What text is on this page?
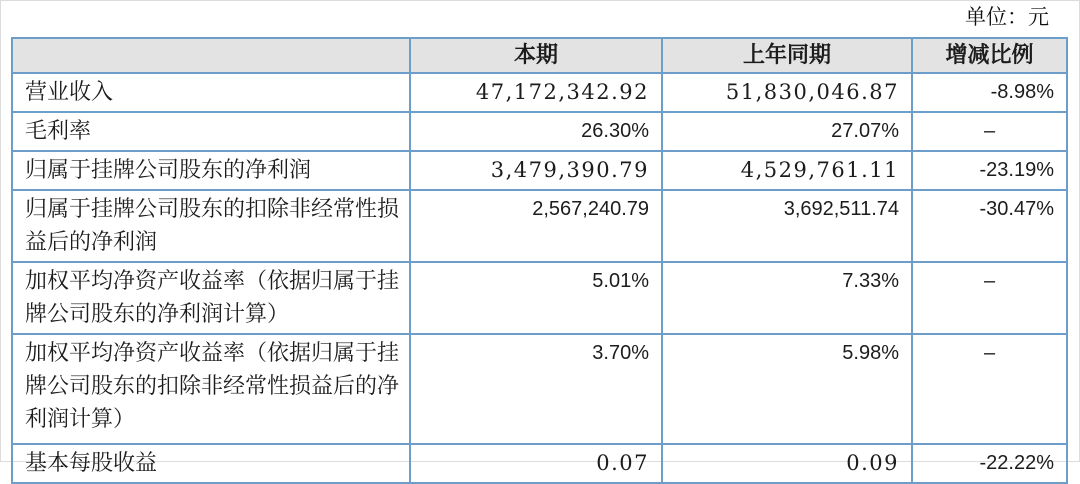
单位：元
	本期	上年同期	增减比例
营业收入	47,172,342.92	51,830,046.87	-8.98%
毛利率	26.30%	27.07%	–
归属于挂牌公司股东的净利润	3,479,390.79	4,529,761.11	-23.19%
归属于挂牌公司股东的扣除非经常性损益后的净利润	2,567,240.79	3,692,511.74	-30.47%
加权平均净资产收益率（依据归属于挂牌公司股东的净利润计算）	5.01%	7.33%	–
加权平均净资产收益率（依据归属于挂牌公司股东的扣除非经常性损益后的净利润计算）	3.70%	5.98%	–
基本每股收益	0.07	0.09	-22.22%
